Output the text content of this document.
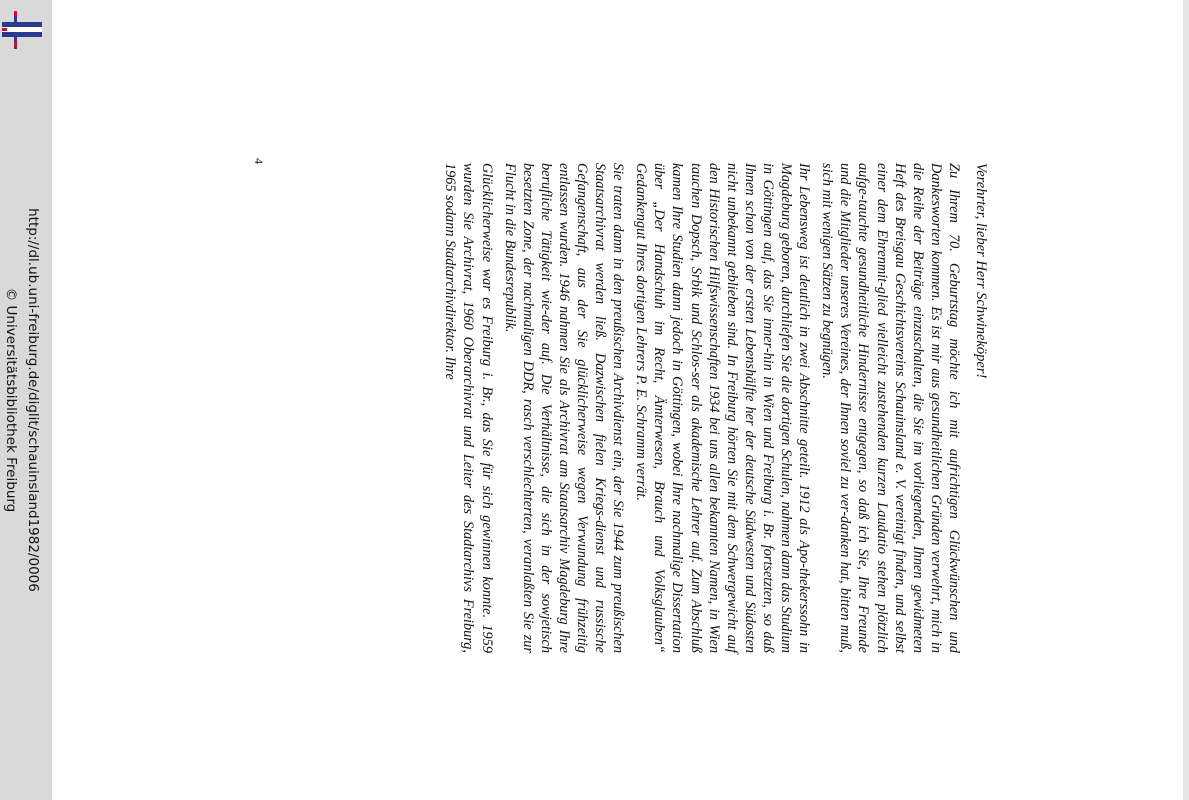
http://dl.ub.uni-freiburg.de/diglit/schauinsland1982/0006
© Universitätsbibliothek Freiburg
Verehrter, lieber Herr Schwineköper!

Zu Ihrem 70. Geburtstag möchte ich mit aufrichtigen Glückwünschen und Dankesworten kommen. Es ist mir aus gesundheitlichen Gründen verwehrt, mich in die Reihe der Beiträge einzuschalten, die Sie im vorliegenden, Ihnen gewidmeten Heft des Breisgau Geschichtsvereins Schauinsland e. V. vereinigt finden, und selbst einer dem Ehrenmit-glied vielleicht zustehenden kurzen Laudatio stehen plötzlich aufge-tauchte gesundheitliche Hindernisse entgegen, so daß ich Sie, Ihre Freunde und die Mitglieder unseres Vereines, der Ihnen soviel zu ver-danken hat, bitten muß, sich mit wenigen Sätzen zu begnügen.

Ihr Lebensweg ist deutlich in zwei Abschnitte geteilt. 1912 als Apo-thekerssohn in Magdeburg geboren, durchliefen Sie die dortigen Schulen, nahmen dann das Studium in Göttingen auf, das Sie inner-hin in Wien und Freiburg i. Br. fortsetzten, so daß Ihnen schon von der ersten Lebenshälfte her der deutsche Südwesten und Südosten nicht unbekannt geblieben sind. In Freiburg hörten Sie mit dem Schwergewicht auf den Historischen Hilfswissenschaften 1934 bei uns allen bekannten Namen, in Wien tauchen Dopsch, Srbik und Schlos-ser als akademische Lehrer auf. Zum Abschluß kamen Ihre Studien dann jedoch in Göttingen, wobei Ihre nachmalige Dissertation über „Der Handschuh im Recht, Ämterwesen, Brauch und Volksglauben“ Gedankengut Ihres dortigen Lehrers P. E. Schramm verrät.

Sie traten dann in den preußischen Archivdienst ein, der Sie 1944 zum preußischen Staatsarchivrat werden ließ. Dazwischen fielen Kriegs-dienst und russische Gefangenschaft, aus der Sie glücklicherweise wegen Verwundung frühzeitig entlassen wurden. 1946 nahmen Sie als Archivrat am Staatsarchiv Magdeburg Ihre berufliche Tätigkeit wie-der auf. Die Verhältnisse, die sich in der sowjetisch besetzten Zone, der nachmaligen DDR, rasch verschlechterten, veranlaßten Sie zur Flucht in die Bundesrepublik.

Glücklicherweise war es Freiburg i. Br., das Sie für sich gewinnen konnte. 1959 wurden Sie Archivrat, 1960 Oberarchivrat und Leiter des Stadtarchivs Freiburg, 1965 sodann Stadtarchivdirektor. Ihre

4
